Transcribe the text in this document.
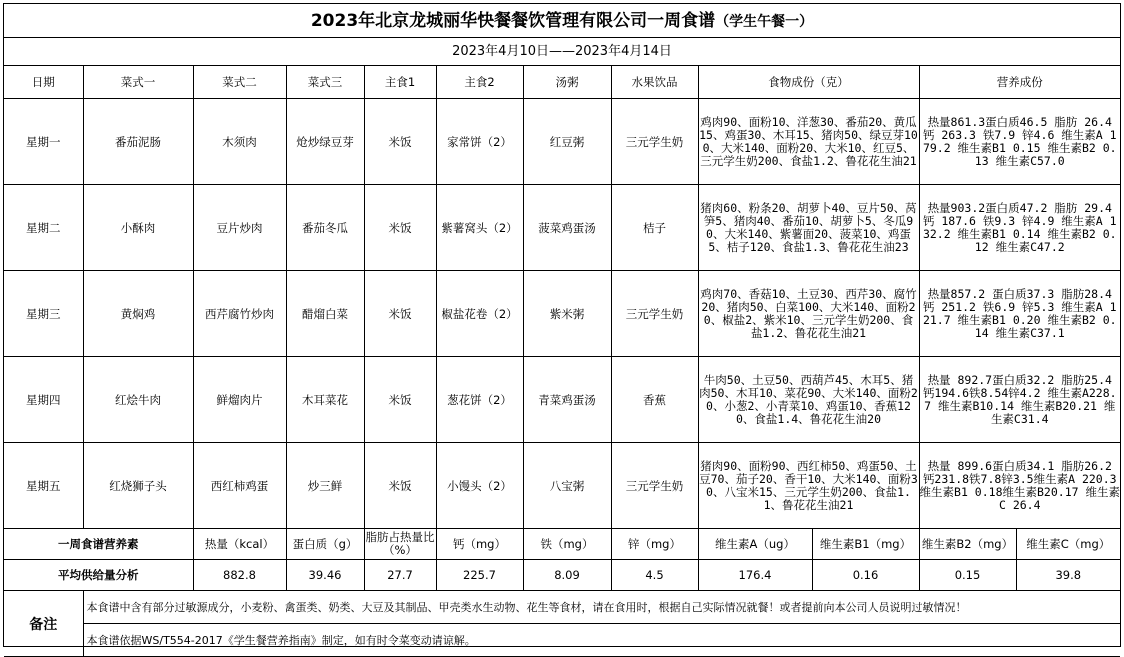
2023年北京龙城丽华快餐餐饮管理有限公司一周食谱（学生午餐一）
2023年4月10日——2023年4月14日
日期	菜式一	菜式二	菜式三	主食1	主食2	汤粥	水果饮品	食物成份（克）		营养成份	
星期一	番茄泥肠	木须肉	炝炒绿豆芽	米饭	家常饼（2）	红豆粥	三元学生奶	鸡肉90、面粉10、洋葱30、番茄20、黄瓜15、鸡蛋30、木耳15、猪肉50、绿豆芽100、大米140、面粉20、大米10、红豆5、三元学生奶200、食盐1.2、鲁花花生油21		热量861.3蛋白质46.5 脂肪 26.4 钙 263.3 铁7.9 锌4.6 维生素A 179.2 维生素B1 0.15 维生素B2 0.13 维生素C57.0	
星期二	小酥肉	豆片炒肉	番茄冬瓜	米饭	紫薯窝头（2）	菠菜鸡蛋汤	桔子	猪肉60、粉条20、胡萝卜40、豆片50、莴笋5、猪肉40、番茄10、胡萝卜5、冬瓜90、大米140、紫薯面20、菠菜10、鸡蛋5、桔子120、食盐1.3、鲁花花生油23		热量903.2蛋白质47.2 脂肪 29.4 钙 187.6 铁9.3 锌4.9 维生素A 132.2 维生素B1 0.14 维生素B2 0.12 维生素C47.2	
星期三	黄焖鸡	西芹腐竹炒肉	醋熘白菜	米饭	椒盐花卷（2）	紫米粥	三元学生奶	鸡肉70、香菇10、土豆30、西芹30、腐竹20、猪肉50、白菜100、大米140、面粉20、椒盐2、紫米10、三元学生奶200、食盐1.2、鲁花花生油21		热量857.2 蛋白质37.3 脂肪28.4 钙 251.2 铁6.9 锌5.3 维生素A 121.7 维生素B1 0.20 维生素B2 0.14 维生素C37.1	
星期四	红烩牛肉	鲜熘肉片	木耳菜花	米饭	葱花饼（2）	青菜鸡蛋汤	香蕉	牛肉50、土豆50、西葫芦45、木耳5、猪肉50、木耳10、菜花90、大米140、面粉20、小葱2、小青菜10、鸡蛋10、香蕉120、食盐1.4、鲁花花生油20		热量 892.7蛋白质32.2 脂肪25.4 钙194.6铁8.54锌4.2 维生素A228.7 维生素B10.14 维生素B20.21 维生素C31.4	
星期五	红烧狮子头	西红柿鸡蛋	炒三鲜	米饭	小馒头（2）	八宝粥	三元学生奶	猪肉90、面粉90、西红柿50、鸡蛋50、土豆70、茄子20、香干10、大米140、面粉30、八宝米15、三元学生奶200、食盐1.1、鲁花花生油21		热量 899.6蛋白质34.1 脂肪26.2 钙231.8铁7.8锌3.5维生素A 220.3 维生素B1 0.18维生素B20.17 维生素C 26.4	
一周食谱营养素		热量（kcal）	蛋白质（g）	脂肪占热量比（%）	钙（mg）	铁（mg）	锌（mg）	维生素A（ug）	维生素B1（mg）	维生素B2（mg）	维生素C（mg）
平均供给量分析		882.8	39.46	27.7	225.7	8.09	4.5	176.4	0.16	0.15	39.8
备注	本食谱中含有部分过敏源成分，小麦粉、禽蛋类、奶类、大豆及其制品、甲壳类水生动物、花生等食材，请在食用时，根据自己实际情况就餐！或者提前向本公司人员说明过敏情况！										
	本食谱依据WS/T554-2017《学生餐营养指南》制定，如有时令菜变动请谅解。										
